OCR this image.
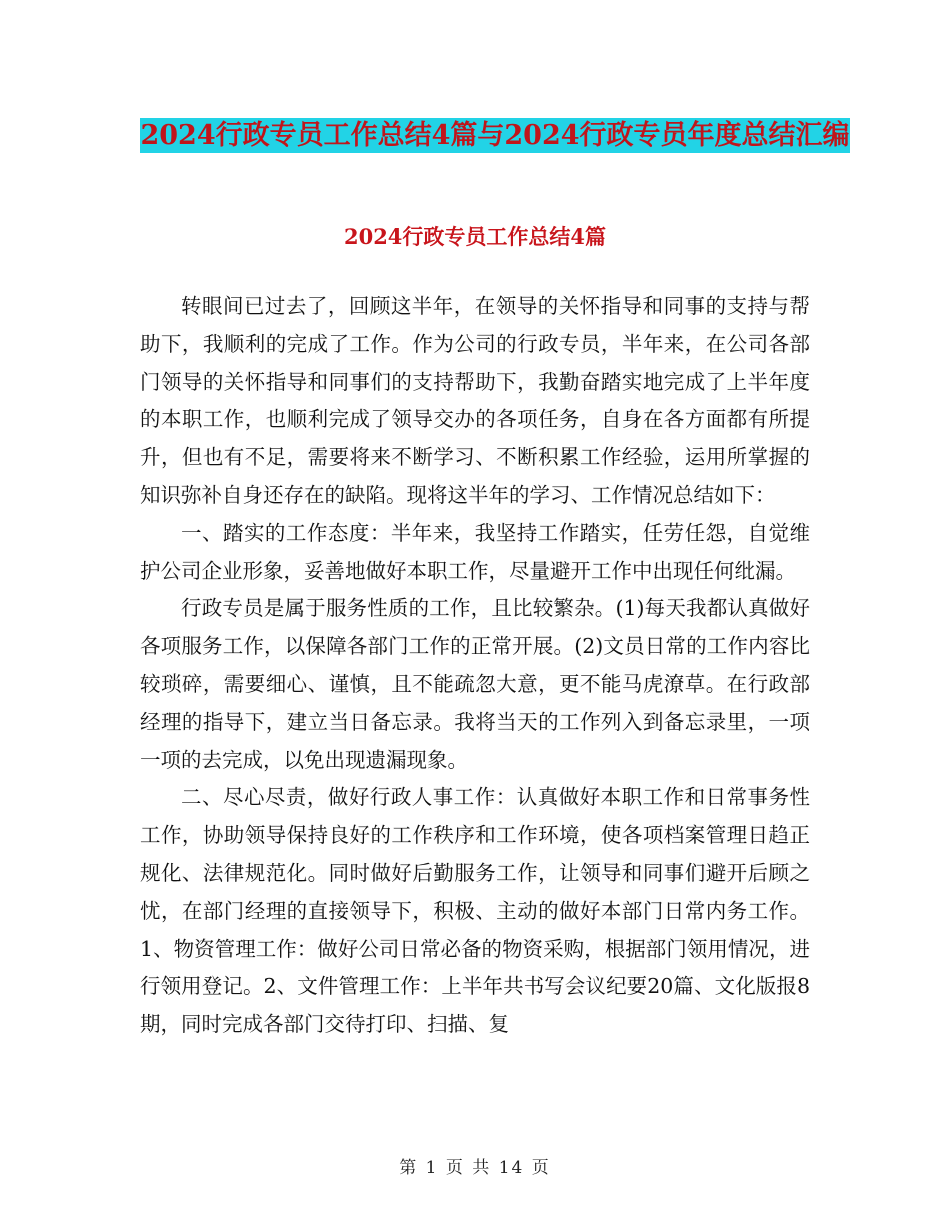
2024行政专员工作总结4篇与2024行政专员年度总结汇编
2024行政专员工作总结4篇

转眼间已过去了，回顾这半年，在领导的关怀指导和同事的支持与帮助下，我顺利的完成了工作。作为公司的行政专员，半年来，在公司各部门领导的关怀指导和同事们的支持帮助下，我勤奋踏实地完成了上半年度的本职工作，也顺利完成了领导交办的各项任务，自身在各方面都有所提升，但也有不足，需要将来不断学习、不断积累工作经验，运用所掌握的知识弥补自身还存在的缺陷。现将这半年的学习、工作情况总结如下：

一、踏实的工作态度：半年来，我坚持工作踏实，任劳任怨，自觉维护公司企业形象，妥善地做好本职工作，尽量避开工作中出现任何纰漏。

行政专员是属于服务性质的工作，且比较繁杂。(1)每天我都认真做好各项服务工作，以保障各部门工作的正常开展。(2)文员日常的工作内容比较琐碎，需要细心、谨慎，且不能疏忽大意，更不能马虎潦草。在行政部经理的指导下，建立当日备忘录。我将当天的工作列入到备忘录里，一项一项的去完成，以免出现遗漏现象。

二、尽心尽责，做好行政人事工作：认真做好本职工作和日常事务性工作，协助领导保持良好的工作秩序和工作环境，使各项档案管理日趋正规化、法律规范化。同时做好后勤服务工作，让领导和同事们避开后顾之忧，在部门经理的直接领导下，积极、主动的做好本部门日常内务工作。1、物资管理工作：做好公司日常必备的物资采购，根据部门领用情况，进行领用登记。2、文件管理工作：上半年共书写会议纪要20篇、文化版报8期，同时完成各部门交待打印、扫描、复

第 1 页 共 14 页
